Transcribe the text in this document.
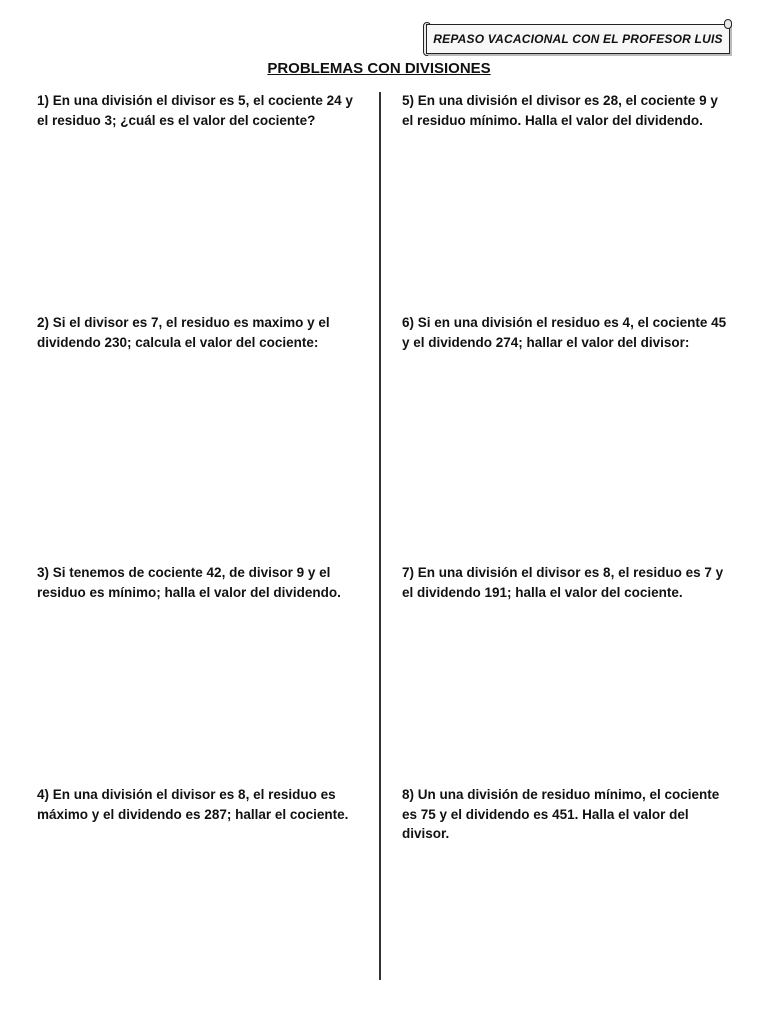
REPASO VACACIONAL CON EL PROFESOR LUIS
PROBLEMAS CON DIVISIONES
1) En una división el divisor es 5, el cociente 24 y el residuo 3; ¿cuál es el valor del cociente?
2) Si el divisor es 7, el residuo es maximo y el dividendo 230; calcula el valor del cociente:
3) Si tenemos de cociente 42, de divisor 9 y el residuo es mínimo; halla el valor del dividendo.
4) En una división el divisor es 8, el residuo es máximo y el dividendo es 287; hallar el cociente.
5) En una división el divisor es 28, el cociente 9 y el residuo mínimo. Halla el valor del dividendo.
6) Si en una división el residuo es 4, el cociente 45 y el dividendo 274; hallar el valor del divisor:
7) En una división el divisor es 8, el residuo es 7 y el dividendo 191; halla el valor del cociente.
8) Un una división de residuo mínimo, el cociente es 75 y el dividendo es 451. Halla el valor del divisor.
